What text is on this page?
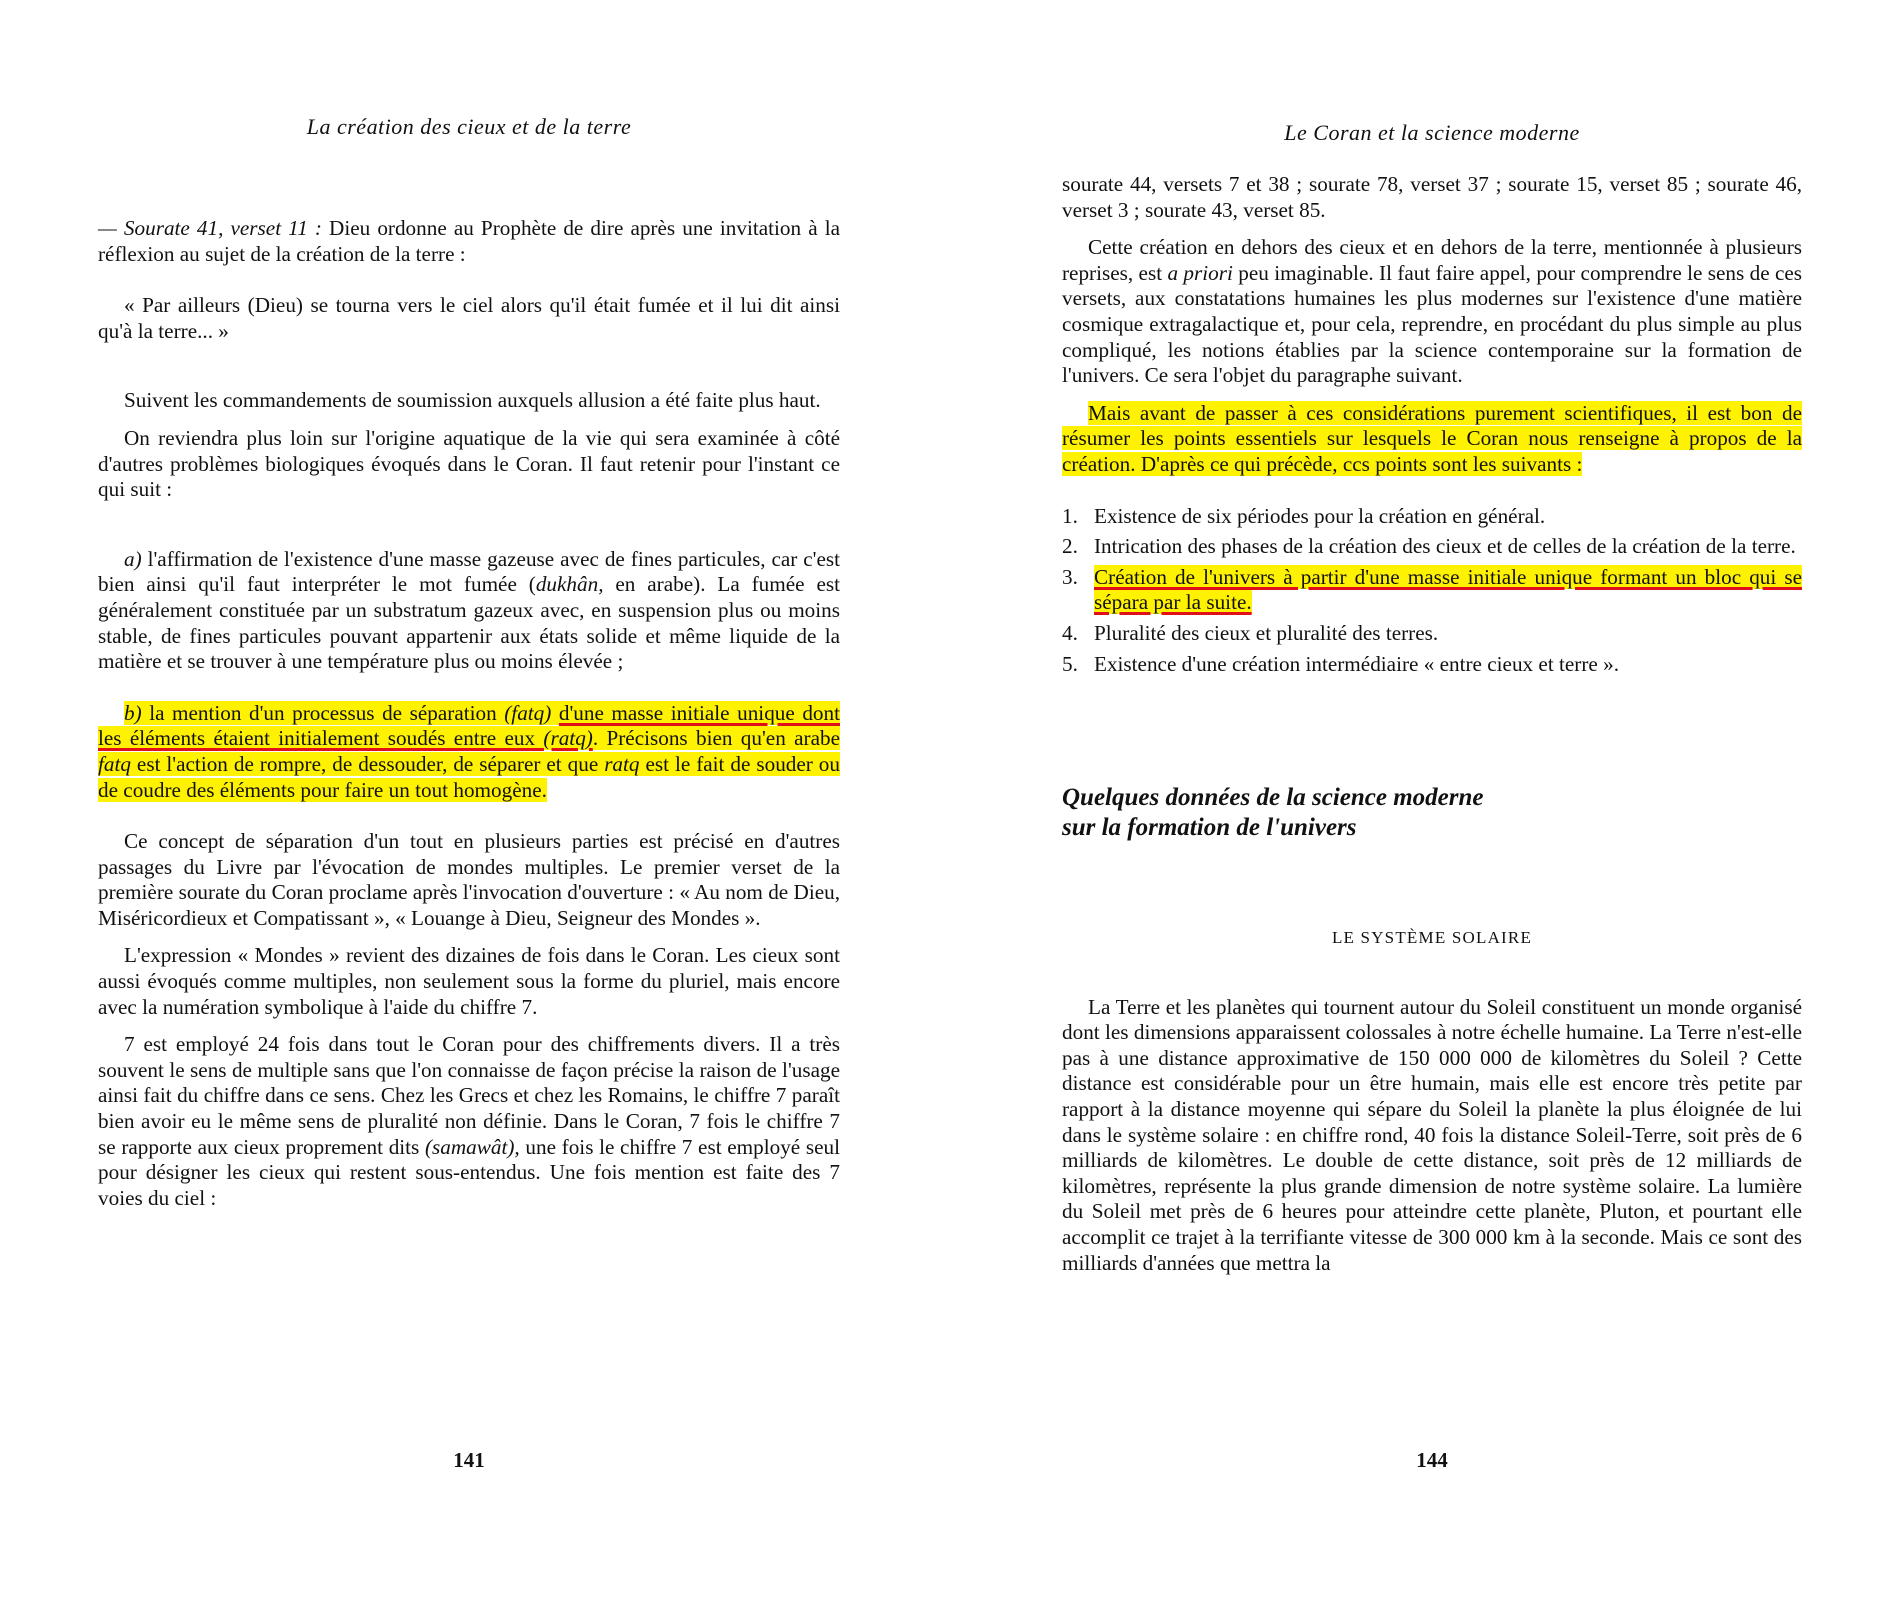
La création des cieux et de la terre

— Sourate 41, verset 11 : Dieu ordonne au Prophète de dire après une invitation à la réflexion au sujet de la création de la terre :

« Par ailleurs (Dieu) se tourna vers le ciel alors qu'il était fumée et il lui dit ainsi qu'à la terre... »

Suivent les commandements de soumission auxquels allusion a été faite plus haut.

On reviendra plus loin sur l'origine aquatique de la vie qui sera examinée à côté d'autres problèmes biologiques évoqués dans le Coran. Il faut retenir pour l'instant ce qui suit :

a) l'affirmation de l'existence d'une masse gazeuse avec de fines particules, car c'est bien ainsi qu'il faut interpréter le mot fumée (dukhân, en arabe). La fumée est généralement constituée par un substratum gazeux avec, en suspension plus ou moins stable, de fines particules pouvant appartenir aux états solide et même liquide de la matière et se trouver à une température plus ou moins élevée ;

b) la mention d'un processus de séparation (fatq) d'une masse initiale unique dont les éléments étaient initialement soudés entre eux (ratq). Précisons bien qu'en arabe fatq est l'action de rompre, de dessouder, de séparer et que ratq est le fait de souder ou de coudre des éléments pour faire un tout homogène.

Ce concept de séparation d'un tout en plusieurs parties est précisé en d'autres passages du Livre par l'évocation de mondes multiples. Le premier verset de la première sourate du Coran proclame après l'invocation d'ouverture : « Au nom de Dieu, Miséricordieux et Compatissant », « Louange à Dieu, Seigneur des Mondes ».

L'expression « Mondes » revient des dizaines de fois dans le Coran. Les cieux sont aussi évoqués comme multiples, non seulement sous la forme du pluriel, mais encore avec la numération symbolique à l'aide du chiffre 7.

7 est employé 24 fois dans tout le Coran pour des chiffrements divers. Il a très souvent le sens de multiple sans que l'on connaisse de façon précise la raison de l'usage ainsi fait du chiffre dans ce sens. Chez les Grecs et chez les Romains, le chiffre 7 paraît bien avoir eu le même sens de pluralité non définie. Dans le Coran, 7 fois le chiffre 7 se rapporte aux cieux proprement dits (samawât), une fois le chiffre 7 est employé seul pour désigner les cieux qui restent sous-entendus. Une fois mention est faite des 7 voies du ciel :

141
Le Coran et la science moderne

sourate 44, versets 7 et 38 ; sourate 78, verset 37 ; sourate 15, verset 85 ; sourate 46, verset 3 ; sourate 43, verset 85.

Cette création en dehors des cieux et en dehors de la terre, mentionnée à plusieurs reprises, est a priori peu imaginable. Il faut faire appel, pour comprendre le sens de ces versets, aux constatations humaines les plus modernes sur l'existence d'une matière cosmique extragalactique et, pour cela, reprendre, en procédant du plus simple au plus compliqué, les notions établies par la science contemporaine sur la formation de l'univers. Ce sera l'objet du paragraphe suivant.

Mais avant de passer à ces considérations purement scientifiques, il est bon de résumer les points essentiels sur lesquels le Coran nous renseigne à propos de la création. D'après ce qui précède, ccs points sont les suivants :

1. Existence de six périodes pour la création en général.
2. Intrication des phases de la création des cieux et de celles de la création de la terre.
3. Création de l'univers à partir d'une masse initiale unique formant un bloc qui se sépara par la suite.
4. Pluralité des cieux et pluralité des terres.
5. Existence d'une création intermédiaire « entre cieux et terre ».
Quelques données de la science moderne
sur la formation de l'univers
LE SYSTÈME SOLAIRE

La Terre et les planètes qui tournent autour du Soleil constituent un monde organisé dont les dimensions apparaissent colossales à notre échelle humaine. La Terre n'est-elle pas à une distance approximative de 150 000 000 de kilomètres du Soleil ? Cette distance est considérable pour un être humain, mais elle est encore très petite par rapport à la distance moyenne qui sépare du Soleil la planète la plus éloignée de lui dans le système solaire : en chiffre rond, 40 fois la distance Soleil-Terre, soit près de 6 milliards de kilomètres. Le double de cette distance, soit près de 12 milliards de kilomètres, représente la plus grande dimension de notre système solaire. La lumière du Soleil met près de 6 heures pour atteindre cette planète, Pluton, et pourtant elle accomplit ce trajet à la terrifiante vitesse de 300 000 km à la seconde. Mais ce sont des milliards d'années que mettra la

144
